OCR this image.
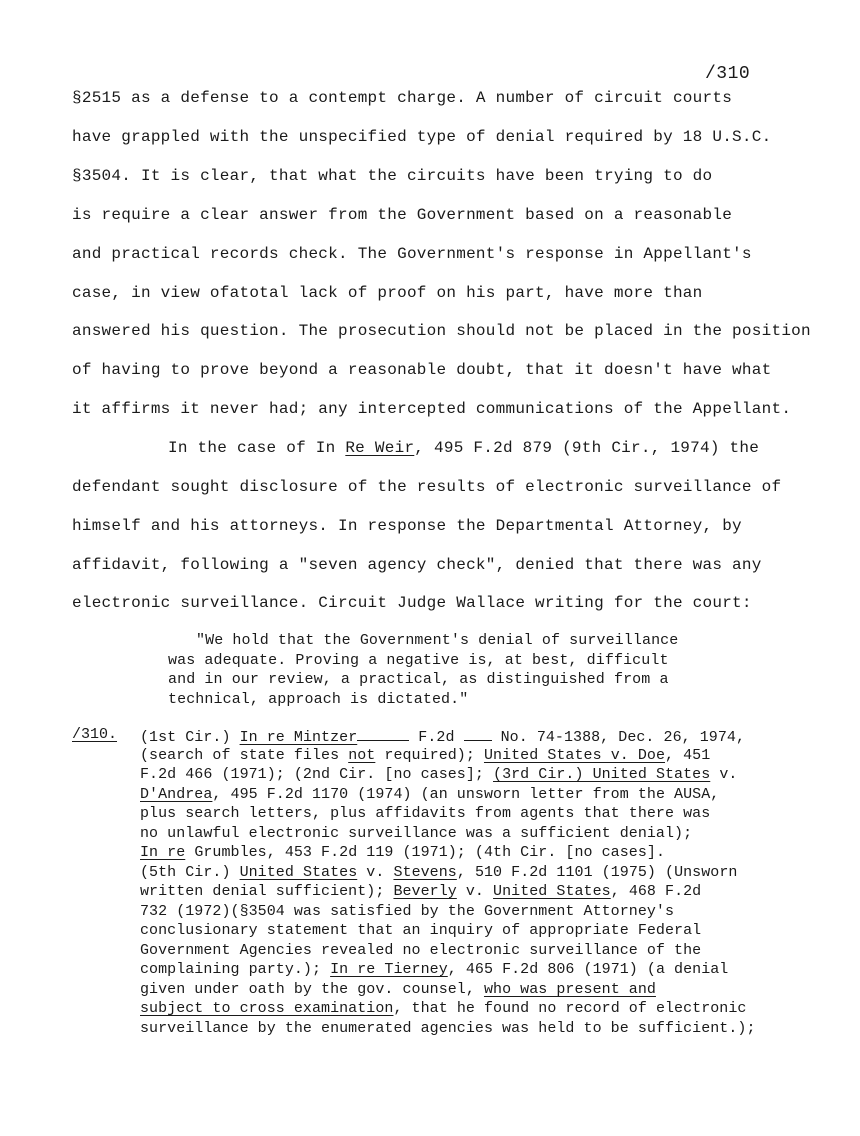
/310
§2515 as a defense to a contempt charge. A number of circuit courts
have grappled with the unspecified type of denial required by 18 U.S.C.
§3504. It is clear, that what the circuits have been trying to do
is require a clear answer from the Government based on a reasonable
and practical records check. The Government's response in Appellant's
case, in view ofatotal lack of proof on his part, have more than
answered his question. The prosecution should not be placed in the position
of having to prove beyond a reasonable doubt, that it doesn't have what
it affirms it never had; any intercepted communications of the Appellant.
In the case of In Re Weir, 495 F.2d 879 (9th Cir., 1974) the
defendant sought disclosure of the results of electronic surveillance of
himself and his attorneys. In response the Departmental Attorney, by
affidavit, following a "seven agency check", denied that there was any
electronic surveillance. Circuit Judge Wallace writing for the court:
"We hold that the Government's denial of surveillance
was adequate. Proving a negative is, at best, difficult
and in our review, a practical, as distinguished from a
technical, approach is dictated."
/310. (1st Cir.) In re Mintzer	F.2d  No. 74-1388, Dec. 26, 1974,
(search of state files not required); United States v. Doe, 451
F.2d 466 (1971); (2nd Cir. [no cases]; (3rd Cir.) United States v.
D'Andrea, 495 F.2d 1170 (1974) (an unsworn letter from the AUSA,
plus search letters, plus affidavits from agents that there was
no unlawful electronic surveillance was a sufficient denial);
In re Grumbles, 453 F.2d 119 (1971); (4th Cir. [no cases].
(5th Cir.) United States v. Stevens, 510 F.2d 1101 (1975) (Unsworn
written denial sufficient); Beverly v. United States, 468 F.2d
732 (1972)(§3504 was satisfied by the Government Attorney's
conclusionary statement that an inquiry of appropriate Federal
Government Agencies revealed no electronic surveillance of the
complaining party.); In re Tierney, 465 F.2d 806 (1971) (a denial
given under oath by the gov. counsel, who was present and
subject to cross examination, that he found no record of electronic
surveillance by the enumerated agencies was held to be sufficient.);
